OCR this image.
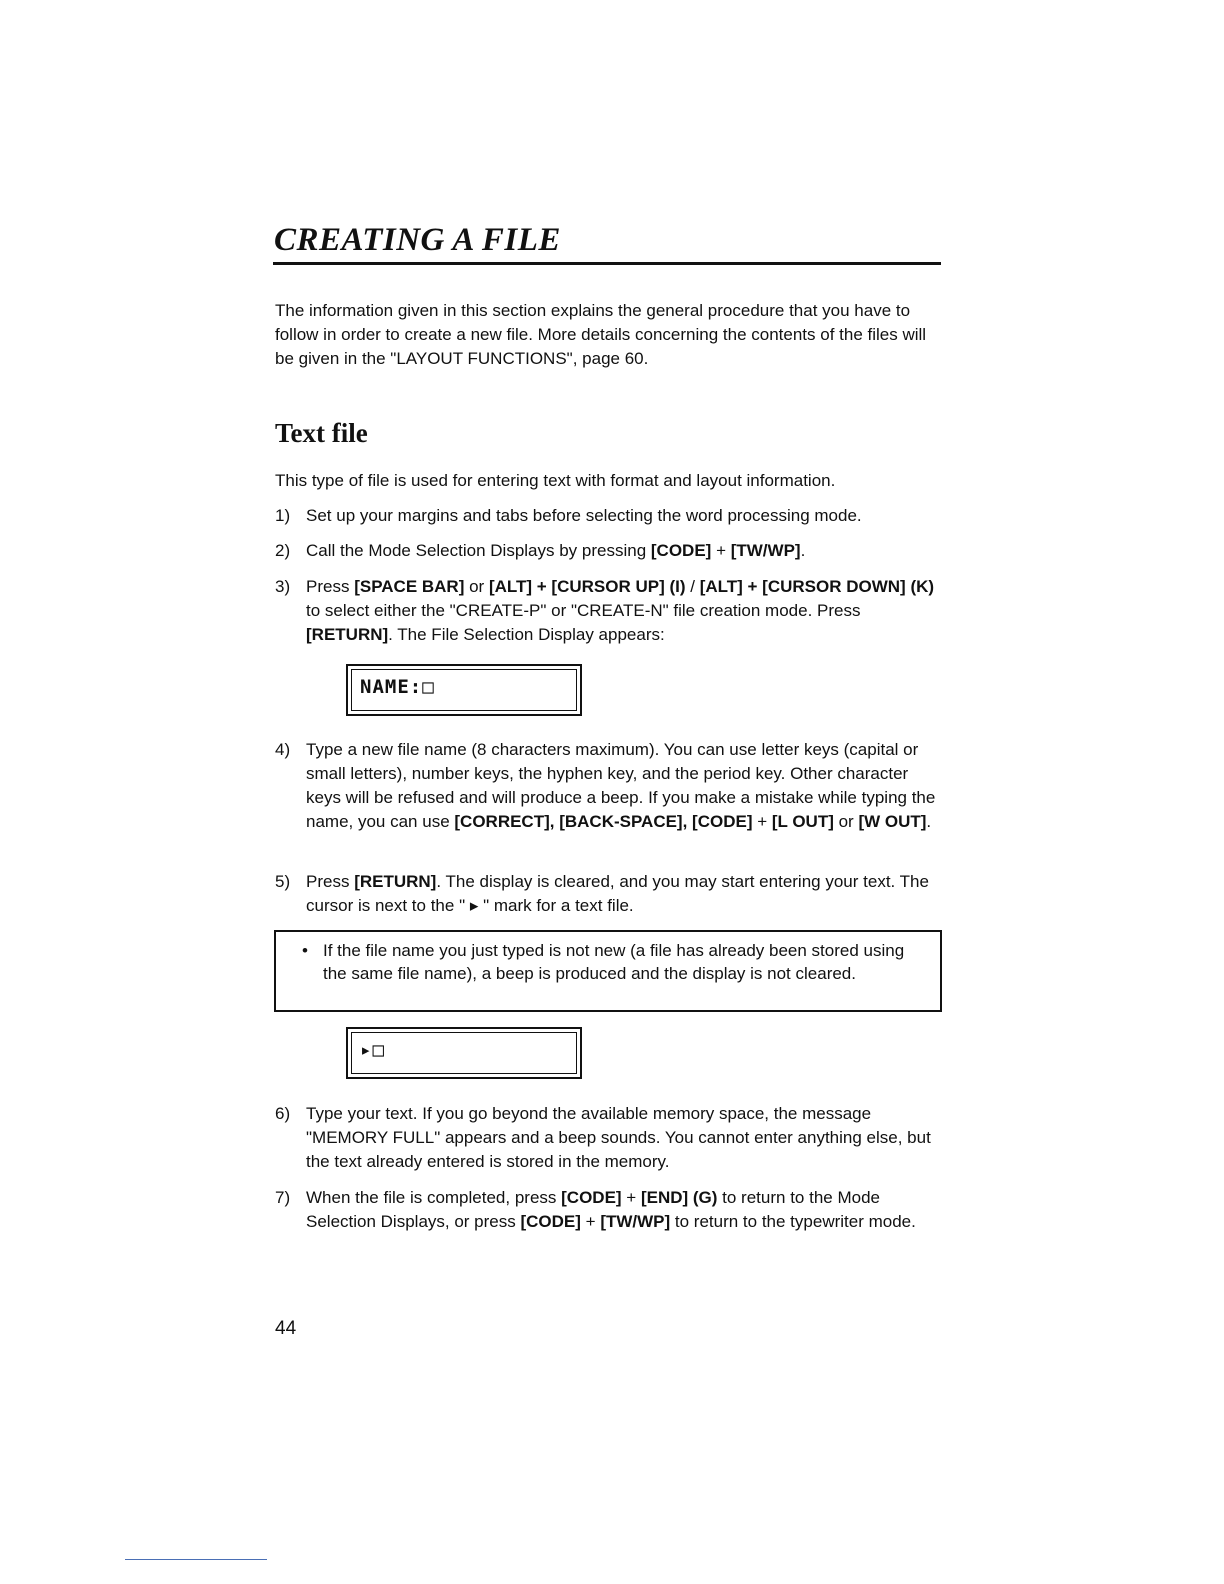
CREATING A FILE

The information given in this section explains the general procedure that you have to follow in order to create a new file. More details concerning the contents of the files will be given in the "LAYOUT FUNCTIONS", page 60.

Text file

This type of file is used for entering text with format and layout information.

1) Set up your margins and tabs before selecting the word processing mode.
2) Call the Mode Selection Displays by pressing [CODE] + [TW/WP].
3) Press [SPACE BAR] or [ALT] + [CURSOR UP] (I) / [ALT] + [CURSOR DOWN] (K) to select either the "CREATE-P" or "CREATE-N" file creation mode. Press [RETURN]. The File Selection Display appears:
NAME:□
4) Type a new file name (8 characters maximum). You can use letter keys (capital or small letters), number keys, the hyphen key, and the period key. Other character keys will be refused and will produce a beep. If you make a mistake while typing the name, you can use [CORRECT], [BACK-SPACE], [CODE] + [L OUT] or [W OUT].
5) Press [RETURN]. The display is cleared, and you may start entering your text. The cursor is next to the " ▸ " mark for a text file.
• If the file name you just typed is not new (a file has already been stored using the same file name), a beep is produced and the display is not cleared.
▸□
6) Type your text. If you go beyond the available memory space, the message "MEMORY FULL" appears and a beep sounds. You cannot enter anything else, but the text already entered is stored in the memory.
7) When the file is completed, press [CODE] + [END] (G) to return to the Mode Selection Displays, or press [CODE] + [TW/WP] to return to the typewriter mode.

44
